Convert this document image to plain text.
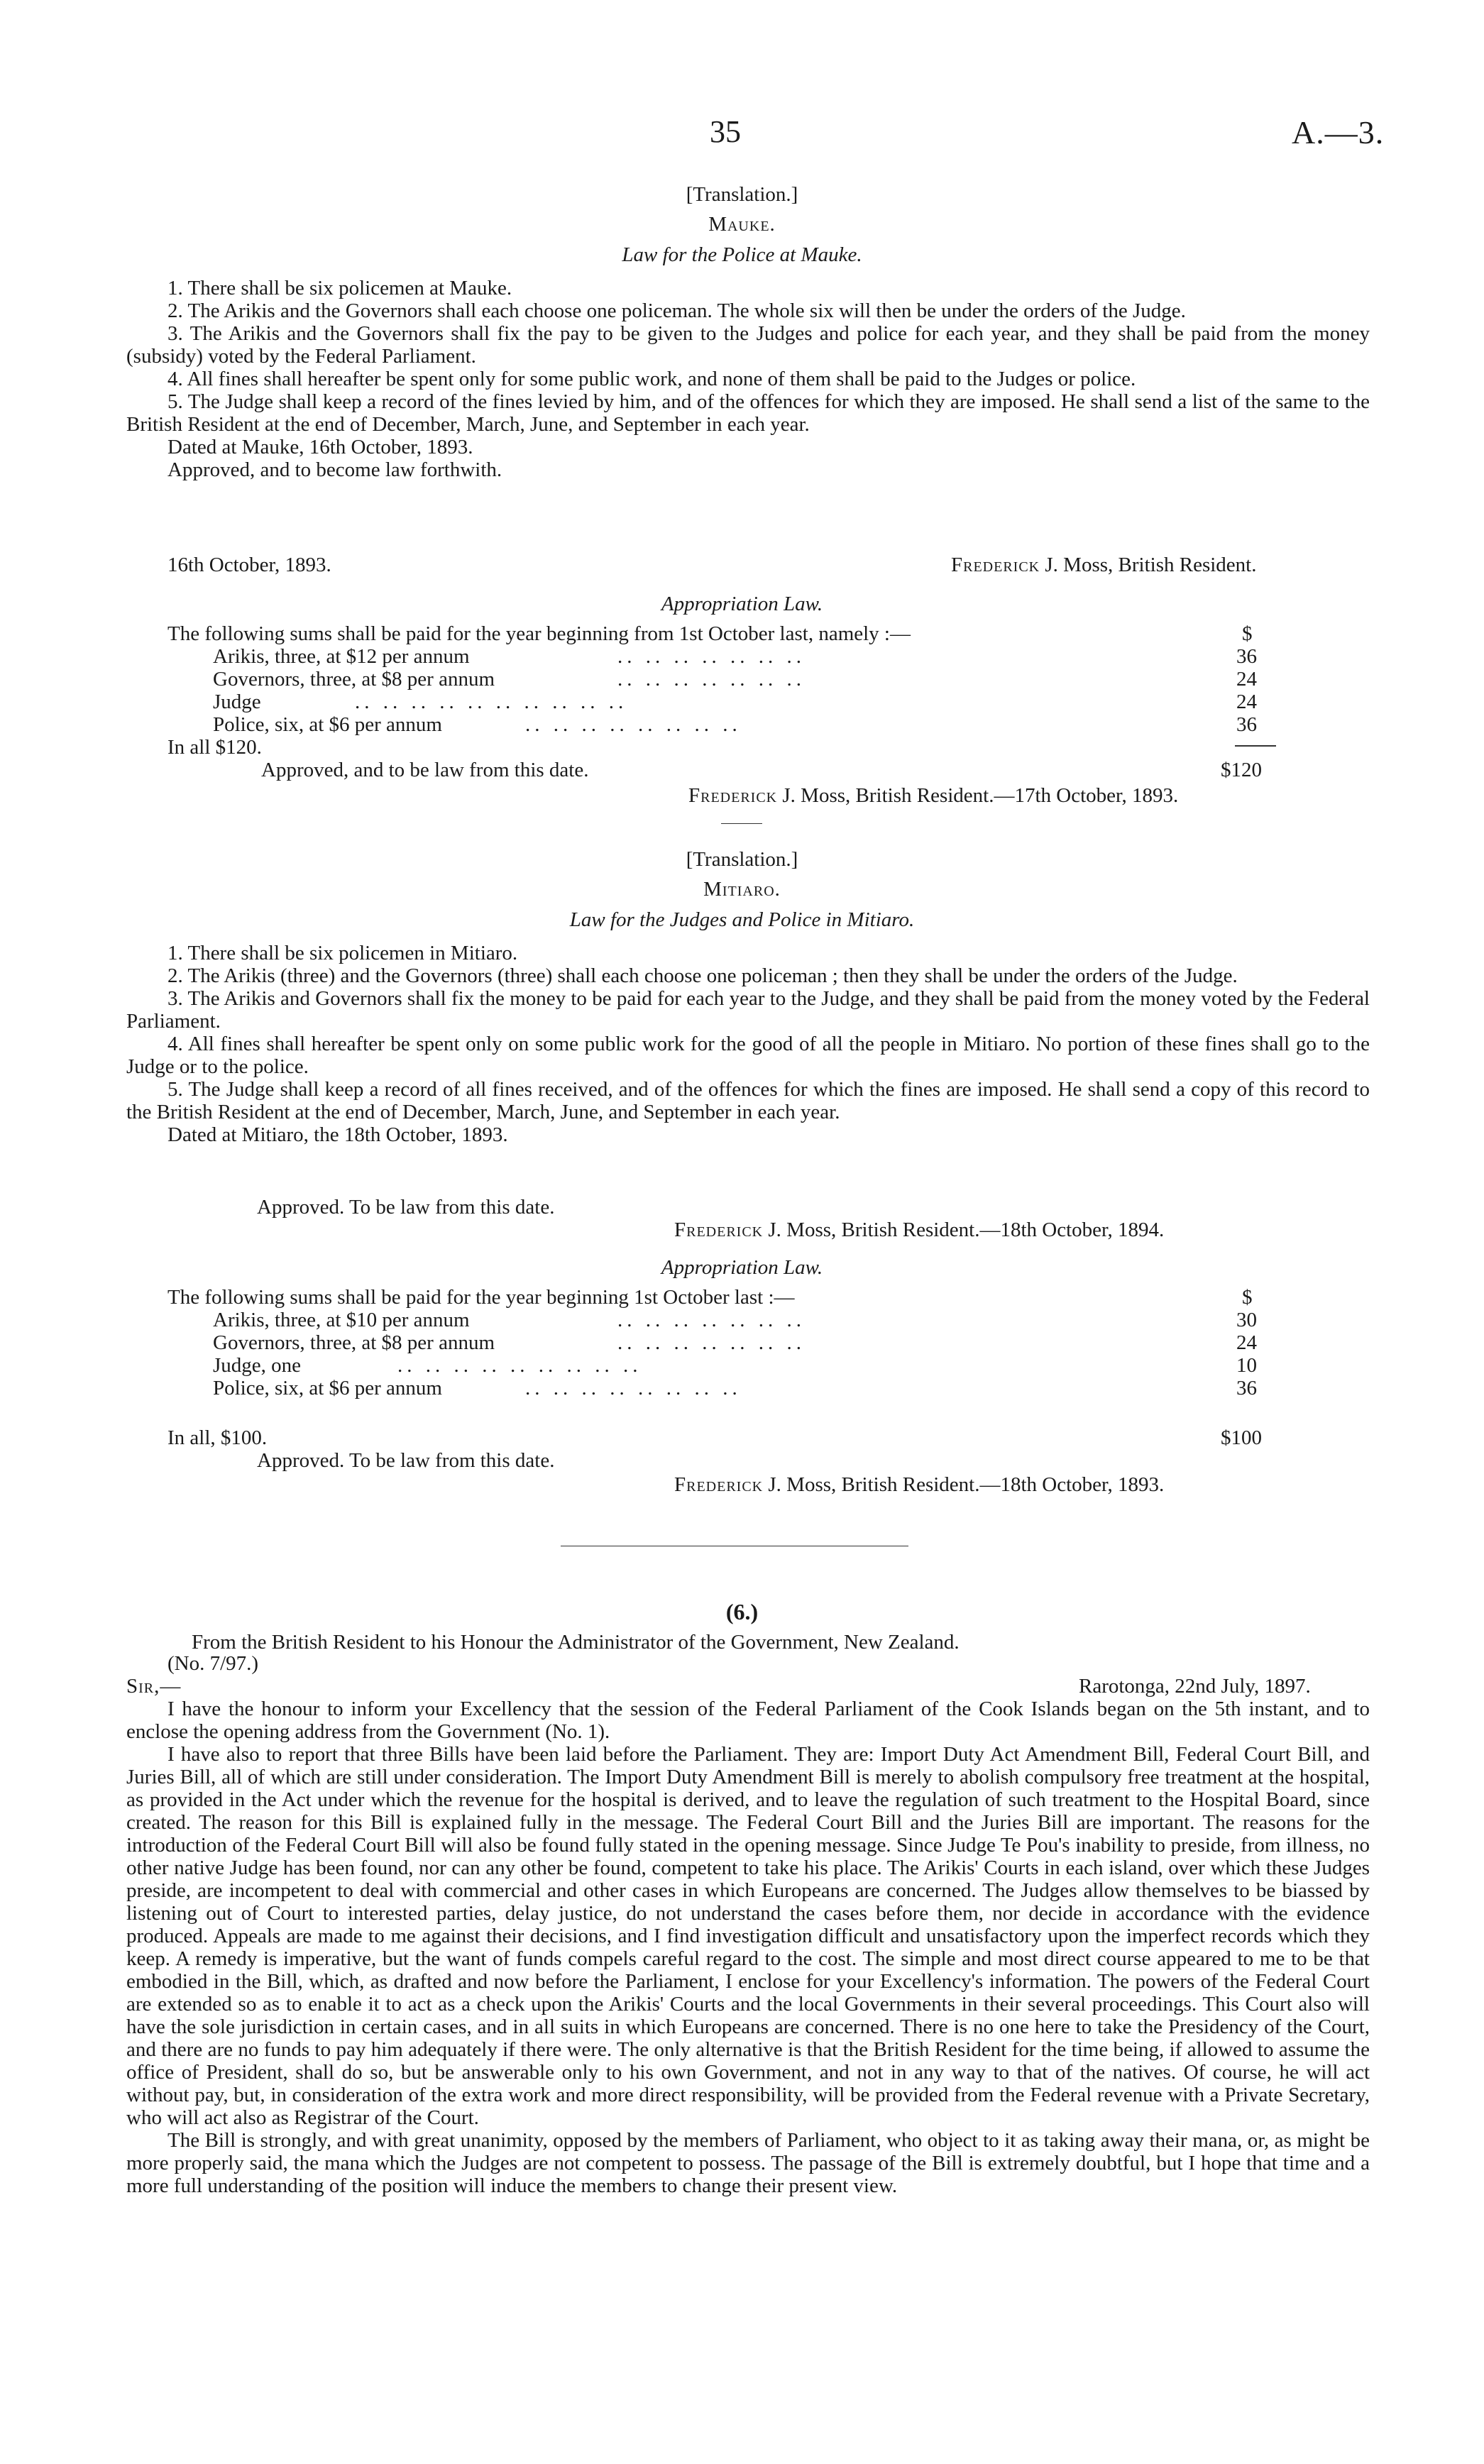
35	A.—3.
[Translation.]
Mauke.
Law for the Police at Mauke.

1. There shall be six policemen at Mauke.

2. The Arikis and the Governors shall each choose one policeman. The whole six will then be under the orders of the Judge.

3. The Arikis and the Governors shall fix the pay to be given to the Judges and police for each year, and they shall be paid from the money (subsidy) voted by the Federal Parliament.

4. All fines shall hereafter be spent only for some public work, and none of them shall be paid to the Judges or police.

5. The Judge shall keep a record of the fines levied by him, and of the offences for which they are imposed. He shall send a list of the same to the British Resident at the end of December, March, June, and September in each year.

Dated at Mauke, 16th October, 1893.

Approved, and to become law forthwith.

16th October, 1893.	Frederick J. Moss, British Resident.
Appropriation Law.
The following sums shall be paid for the year beginning from 1st October last, namely :—	$
Arikis, three, at $12 per annum	.. .. .. .. .. .. ..	36
Governors, three, at $8 per annum	.. .. .. .. .. .. ..	24
Judge	.. .. .. .. .. .. .. .. .. ..	24
Police, six, at $6 per annum	.. .. .. .. .. .. .. ..	36
In all $120.
Approved, and to be law from this date.	$120
Frederick J. Moss, British Resident.—17th October, 1893.
[Translation.]
Mitiaro.
Law for the Judges and Police in Mitiaro.

1. There shall be six policemen in Mitiaro.

2. The Arikis (three) and the Governors (three) shall each choose one policeman ; then they shall be under the orders of the Judge.

3. The Arikis and Governors shall fix the money to be paid for each year to the Judge, and they shall be paid from the money voted by the Federal Parliament.

4. All fines shall hereafter be spent only on some public work for the good of all the people in Mitiaro. No portion of these fines shall go to the Judge or to the police.

5. The Judge shall keep a record of all fines received, and of the offences for which the fines are imposed. He shall send a copy of this record to the British Resident at the end of December, March, June, and September in each year.

Dated at Mitiaro, the 18th October, 1893.

Approved. To be law from this date.
Frederick J. Moss, British Resident.—18th October, 1894.
Appropriation Law.
The following sums shall be paid for the year beginning 1st October last :—	$
Arikis, three, at $10 per annum	.. .. .. .. .. .. ..	30
Governors, three, at $8 per annum	.. .. .. .. .. .. ..	24
Judge, one	.. .. .. .. .. .. .. .. ..	10
Police, six, at $6 per annum	.. .. .. .. .. .. .. ..	36
In all, $100.	$100
Approved. To be law from this date.
Frederick J. Moss, British Resident.—18th October, 1893.
(6.)
From the British Resident to his Honour the Administrator of the Government, New Zealand.
(No. 7/97.)
Sir,—	Rarotonga, 22nd July, 1897.

I have the honour to inform your Excellency that the session of the Federal Parliament of the Cook Islands began on the 5th instant, and to enclose the opening address from the Government (No. 1).

I have also to report that three Bills have been laid before the Parliament. They are: Import Duty Act Amendment Bill, Federal Court Bill, and Juries Bill, all of which are still under consideration. The Import Duty Amendment Bill is merely to abolish compulsory free treatment at the hospital, as provided in the Act under which the revenue for the hospital is derived, and to leave the regulation of such treatment to the Hospital Board, since created. The reason for this Bill is explained fully in the message. The Federal Court Bill and the Juries Bill are important. The reasons for the introduction of the Federal Court Bill will also be found fully stated in the opening message. Since Judge Te Pou's inability to preside, from illness, no other native Judge has been found, nor can any other be found, competent to take his place. The Arikis' Courts in each island, over which these Judges preside, are incompetent to deal with commercial and other cases in which Europeans are concerned. The Judges allow themselves to be biassed by listening out of Court to interested parties, delay justice, do not understand the cases before them, nor decide in accordance with the evidence produced. Appeals are made to me against their decisions, and I find investigation difficult and unsatisfactory upon the imperfect records which they keep. A remedy is imperative, but the want of funds compels careful regard to the cost. The simple and most direct course appeared to me to be that embodied in the Bill, which, as drafted and now before the Parliament, I enclose for your Excellency's information. The powers of the Federal Court are extended so as to enable it to act as a check upon the Arikis' Courts and the local Governments in their several proceedings. This Court also will have the sole jurisdiction in certain cases, and in all suits in which Europeans are concerned. There is no one here to take the Presidency of the Court, and there are no funds to pay him adequately if there were. The only alternative is that the British Resident for the time being, if allowed to assume the office of President, shall do so, but be answerable only to his own Government, and not in any way to that of the natives. Of course, he will act without pay, but, in consideration of the extra work and more direct responsibility, will be provided from the Federal revenue with a Private Secretary, who will act also as Registrar of the Court.

The Bill is strongly, and with great unanimity, opposed by the members of Parliament, who object to it as taking away their mana, or, as might be more properly said, the mana which the Judges are not competent to possess. The passage of the Bill is extremely doubtful, but I hope that time and a more full understanding of the position will induce the members to change their present view.
